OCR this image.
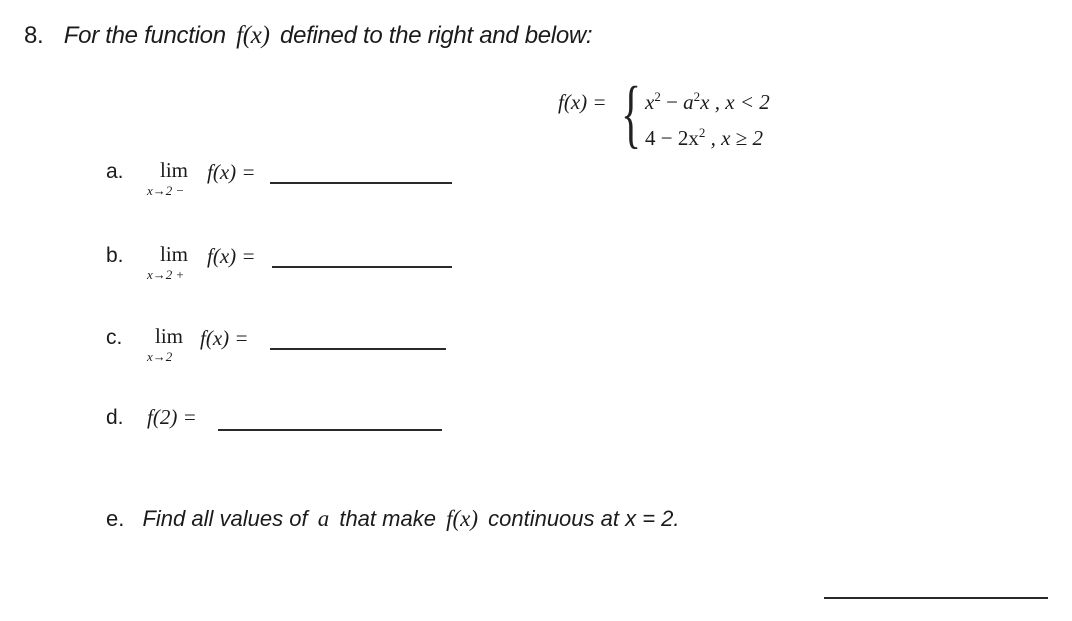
8. For the function f(x) defined to the right and below:
f(x) = { $x^2 - a^2x$ , x < 2
$4 - 2x^2$ , x ≥ 2
a. lim
x→2 −
f(x) =
b. lim
x→2 +
f(x) =
c. lim
x→2
f(x) =
d. f(2) =
e. Find all values of a that make f(x) continuous at x = 2.
